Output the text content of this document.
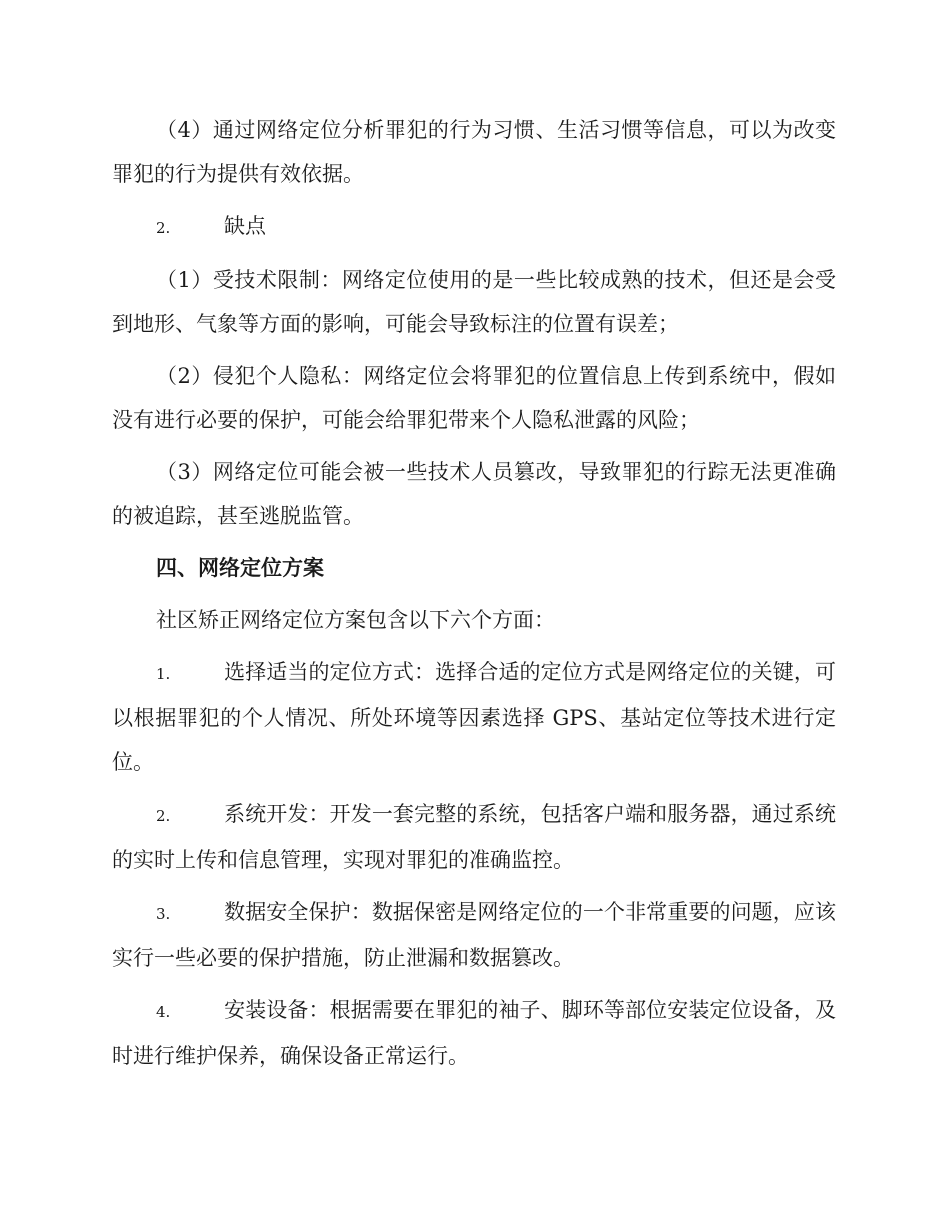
（4）通过网络定位分析罪犯的行为习惯、生活习惯等信息，可以为改变罪犯的行为提供有效依据。

2.	缺点

（1）受技术限制：网络定位使用的是一些比较成熟的技术，但还是会受到地形、气象等方面的影响，可能会导致标注的位置有误差；

（2）侵犯个人隐私：网络定位会将罪犯的位置信息上传到系统中，假如没有进行必要的保护，可能会给罪犯带来个人隐私泄露的风险；

（3）网络定位可能会被一些技术人员篡改，导致罪犯的行踪无法更准确的被追踪，甚至逃脱监管。

四、网络定位方案

社区矫正网络定位方案包含以下六个方面：

1.	选择适当的定位方式：选择合适的定位方式是网络定位的关键，可以根据罪犯的个人情况、所处环境等因素选择 GPS、基站定位等技术进行定位。

2.	系统开发：开发一套完整的系统，包括客户端和服务器，通过系统的实时上传和信息管理，实现对罪犯的准确监控。

3.	数据安全保护：数据保密是网络定位的一个非常重要的问题，应该实行一些必要的保护措施，防止泄漏和数据篡改。

4.	安装设备：根据需要在罪犯的袖子、脚环等部位安装定位设备，及时进行维护保养，确保设备正常运行。
